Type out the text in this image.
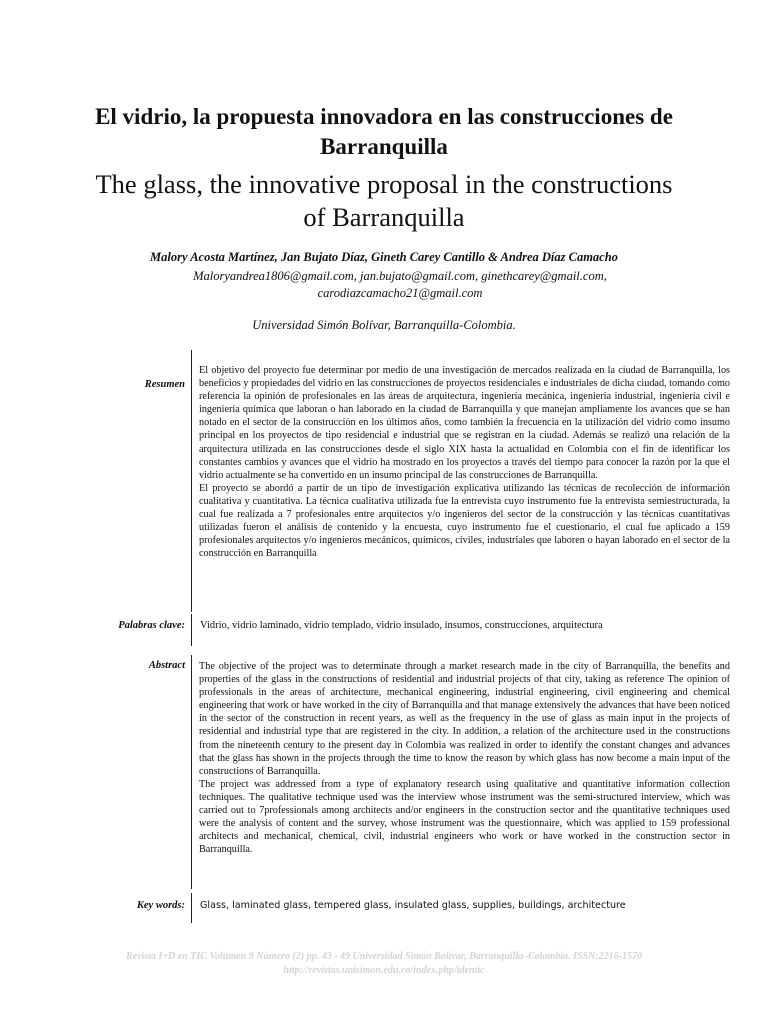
El vidrio, la propuesta innovadora en las construcciones de
Barranquilla
The glass, the innovative proposal in the constructions
of Barranquilla
Malory Acosta Martínez, Jan Bujato Díaz, Gineth Carey Cantillo & Andrea Díaz Camacho
Maloryandrea1806@gmail.com, jan.bujato@gmail.com, ginethcarey@gmail.com,
carodiazcamacho21@gmail.com
Universidad Simón Bolívar, Barranquilla-Colombia.
Resumen

El objetivo del proyecto fue determinar por medio de una investigación de mercados realizada en la ciudad de Barranquilla, los beneficios y propiedades del vidrio en las construcciones de proyectos residenciales e industriales de dicha ciudad, tomando como referencia la opinión de profesionales en las áreas de arquitectura, ingeniería mecánica, ingeniería industrial, ingeniería civil e ingeniería química que laboran o han laborado en la ciudad de Barranquilla y que manejan ampliamente los avances que se han notado en el sector de la construcción en los últimos años, como también la frecuencia en la utilización del vidrio como insumo principal en los proyectos de tipo residencial e industrial que se registran en la ciudad. Además se realizó una relación de la arquitectura utilizada en las construcciones desde el siglo XIX hasta la actualidad en Colombia con el fin de identificar los constantes cambios y avances que el vidrio ha mostrado en los proyectos a través del tiempo para conocer la razón por la que el vidrio actualmente se ha convertido en un insumo principal de las construcciones de Barranquilla.

El proyecto se abordó a partir de un tipo de investigación explicativa utilizando las técnicas de recolección de información cualitativa y cuantitativa. La técnica cualitativa utilizada fue la entrevista cuyo instrumento fue la entrevista semiestructurada, la cual fue realizada a 7 profesionales entre arquitectos y/o ingenieros del sector de la construcción y las técnicas cuantitativas utilizadas fueron el análisis de contenido y la encuesta, cuyo instrumento fue el cuestionario, el cual fue aplicado a 159 profesionales arquitectos y/o ingenieros mecánicos, químicos, civiles, industriales que laboren o hayan laborado en el sector de la construcción en Barranquilla

Palabras clave: Vidrio, vidrio laminado, vidrio templado, vidrio insulado, insumos, construcciones, arquitectura
Abstract The objective of the project was to determinate through a market research made in the city of Barranquilla, the benefits and properties of the glass in the constructions of residential and industrial projects of that city, taking as reference The opinion of professionals in the areas of architecture, mechanical engineering, industrial engineering, civil engineering and chemical engineering that work or have worked in the city of Barranquilla and that manage extensively the advances that have been noticed in the sector of the construction in recent years, as well as the frequency in the use of glass as main input in the projects of residential and industrial type that are registered in the city. In addition, a relation of the architecture used in the constructions from the nineteenth century to the present day in Colombia was realized in order to identify the constant changes and advances that the glass has shown in the projects through the time to know the reason by which glass has now become a main input of the constructions of Barranquilla.

The project was addressed from a type of explanatory research using qualitative and quantitative information collection techniques. The qualitative technique used was the interview whose instrument was the semi-structured interview, which was carried out to 7professionals among architects and/or engineers in the construction sector and the quantitative techniques used were the analysis of content and the survey, whose instrument was the questionnaire, which was applied to 159 professional architects and mechanical, chemical, civil, industrial engineers who work or have worked in the construction sector in Barranquilla.

Key words: Glass, laminated glass, tempered glass, insulated glass, supplies, buildings, architecture
Revista I+D en TIC Volumen 9 Número (2) pp. 43 - 49 Universidad Simón Bolívar, Barranquilla–Colombia. ISSN:2216-1570
http://revistas.unisimon.edu.co/index.php/identic
